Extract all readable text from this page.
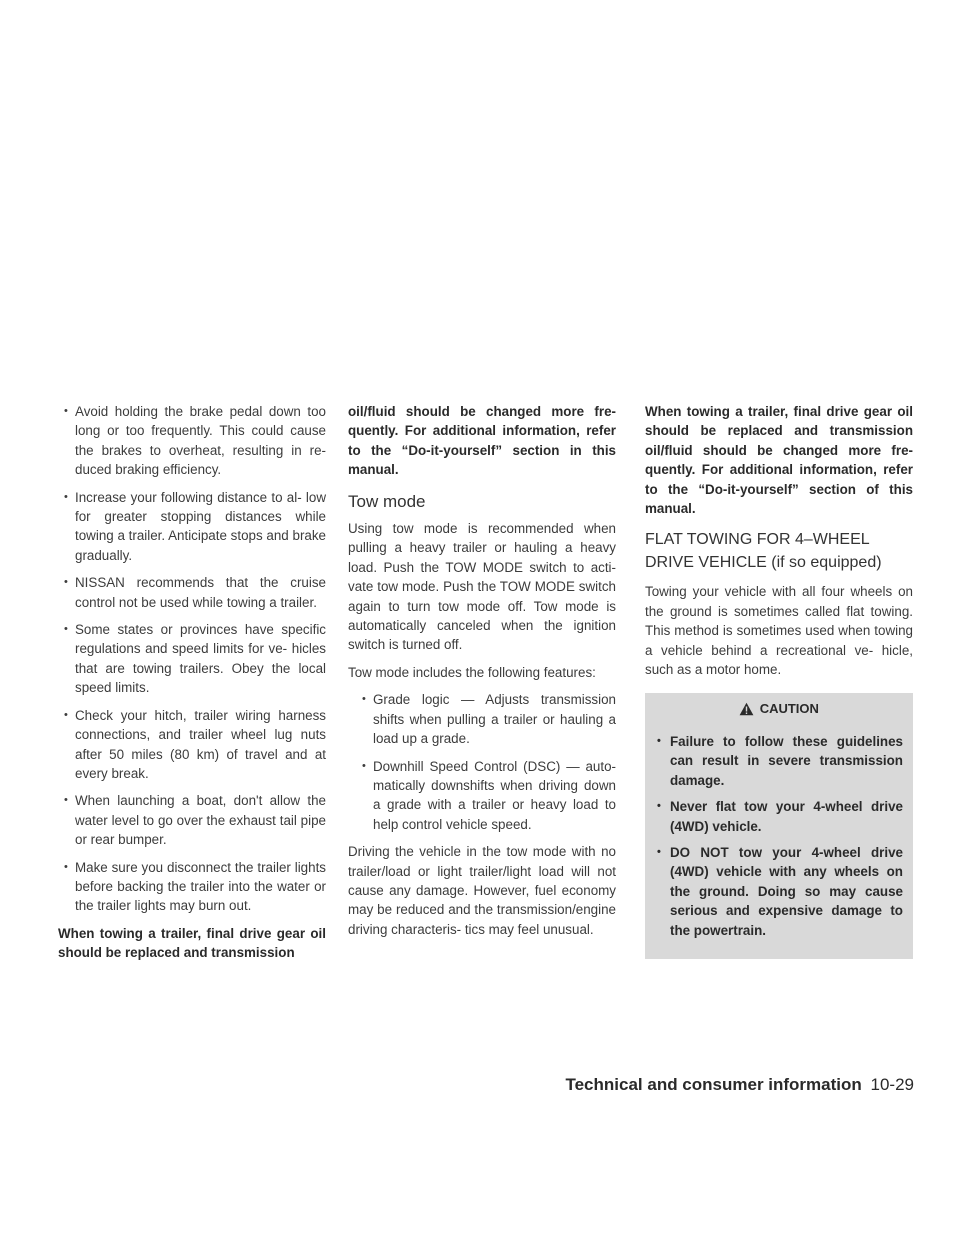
• Avoid holding the brake pedal down too long or too frequently. This could cause the brakes to overheat, resulting in re- duced braking efficiency.
• Increase your following distance to al- low for greater stopping distances while towing a trailer. Anticipate stops and brake gradually.
• NISSAN recommends that the cruise control not be used while towing a trailer.
• Some states or provinces have specific regulations and speed limits for ve- hicles that are towing trailers. Obey the local speed limits.
• Check your hitch, trailer wiring harness connections, and trailer wheel lug nuts after 50 miles (80 km) of travel and at every break.
• When launching a boat, don't allow the water level to go over the exhaust tail pipe or rear bumper.
• Make sure you disconnect the trailer lights before backing the trailer into the water or the trailer lights may burn out.

When towing a trailer, final drive gear oil should be replaced and transmission

oil/fluid should be changed more fre- quently. For additional information, refer to the “Do-it-yourself” section in this manual.

Tow mode

Using tow mode is recommended when pulling a heavy trailer or hauling a heavy load. Push the TOW MODE switch to acti- vate tow mode. Push the TOW MODE switch again to turn tow mode off. Tow mode is automatically canceled when the ignition switch is turned off.

Tow mode includes the following features:

• Grade logic — Adjusts transmission shifts when pulling a trailer or hauling a load up a grade.
• Downhill Speed Control (DSC) — auto- matically downshifts when driving down a grade with a trailer or heavy load to help control vehicle speed.

Driving the vehicle in the tow mode with no trailer/load or light trailer/light load will not cause any damage. However, fuel economy may be reduced and the transmission/engine driving characteris- tics may feel unusual.

When towing a trailer, final drive gear oil should be replaced and transmission oil/fluid should be changed more fre- quently. For additional information, refer to the “Do-it-yourself” section of this manual.

FLAT TOWING FOR 4–WHEEL DRIVE VEHICLE (if so equipped)

Towing your vehicle with all four wheels on the ground is sometimes called flat towing. This method is sometimes used when towing a vehicle behind a recreational ve- hicle, such as a motor home.

CAUTION
• Failure to follow these guidelines can result in severe transmission damage.
• Never flat tow your 4-wheel drive (4WD) vehicle.
• DO NOT tow your 4-wheel drive (4WD) vehicle with any wheels on the ground. Doing so may cause serious and expensive damage to the powertrain.
Technical and consumer information 10-29
